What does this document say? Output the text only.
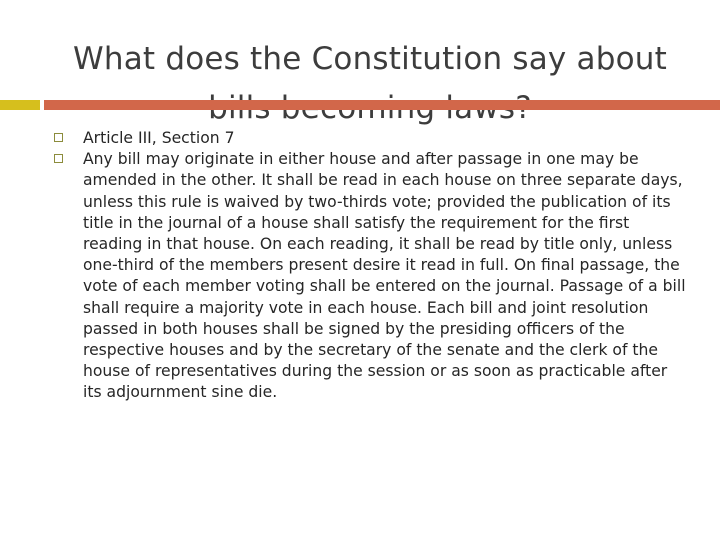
What does the Constitution say about
Article III, Section 7
Any bill may originate in either house and after passage in one may be amended in the other. It shall be read in each house on three separate days, unless this rule is waived by two-thirds vote; provided the publication of its title in the journal of a house shall satisfy the requirement for the first reading in that house. On each reading, it shall be read by title only, unless one-third of the members present desire it read in full. On final passage, the vote of each member voting shall be entered on the journal. Passage of a bill shall require a majority vote in each house. Each bill and joint resolution passed in both houses shall be signed by the presiding officers of the respective houses and by the secretary of the senate and the clerk of the house of representatives during the session or as soon as practicable after its adjournment sine die.
